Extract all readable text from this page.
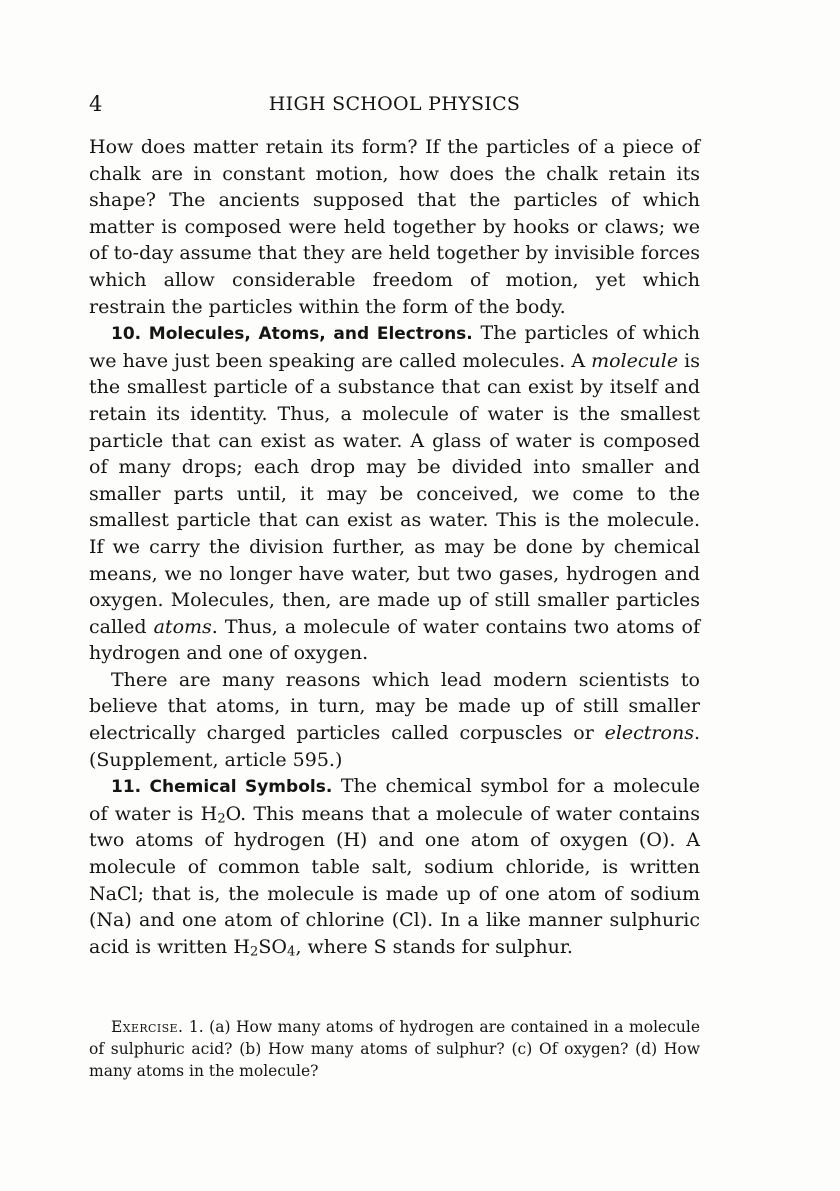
4	HIGH SCHOOL PHYSICS

How does matter retain its form? If the particles of a piece of chalk are in constant motion, how does the chalk retain its shape? The ancients supposed that the particles of which matter is composed were held together by hooks or claws; we of to-day assume that they are held together by invisible forces which allow considerable freedom of motion, yet which restrain the particles within the form of the body.

10. Molecules, Atoms, and Electrons. The particles of which we have just been speaking are called molecules. A molecule is the smallest particle of a substance that can exist by itself and retain its identity. Thus, a molecule of water is the smallest particle that can exist as water. A glass of water is composed of many drops; each drop may be divided into smaller and smaller parts until, it may be conceived, we come to the smallest particle that can exist as water. This is the molecule. If we carry the division further, as may be done by chemical means, we no longer have water, but two gases, hydrogen and oxygen. Molecules, then, are made up of still smaller particles called atoms. Thus, a molecule of water contains two atoms of hydrogen and one of oxygen.

There are many reasons which lead modern scientists to believe that atoms, in turn, may be made up of still smaller electrically charged particles called corpuscles or electrons. (Supplement, article 595.)

11. Chemical Symbols. The chemical symbol for a molecule of water is $H_2O$. This means that a molecule of water contains two atoms of hydrogen (H) and one atom of oxygen (O). A molecule of common table salt, sodium chloride, is written NaCl; that is, the molecule is made up of one atom of sodium (Na) and one atom of chlorine (Cl). In a like manner sulphuric acid is written $H_2SO_4$, where S stands for sulphur.

Exercise. 1. (a) How many atoms of hydrogen are contained in a molecule of sulphuric acid? (b) How many atoms of sulphur? (c) Of oxygen? (d) How many atoms in the molecule?
